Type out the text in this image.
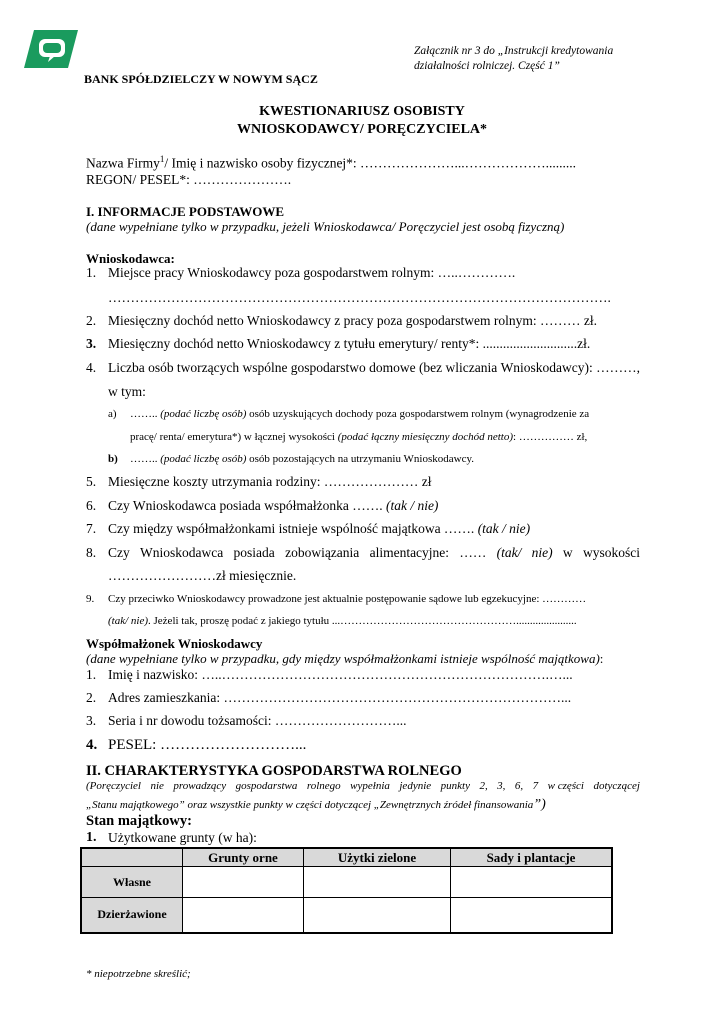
Załącznik nr 3 do „Instrukcji kredytowania
działalności rolniczej. Część 1”
BANK SPÓŁDZIELCZY W NOWYM SĄCZ
KWESTIONARIUSZ OSOBISTY
WNIOSKODAWCY/ PORĘCZYCIELA*
Nazwa Firmy$^1$/ Imię i nazwisko osoby fizycznej*: …………………...……………….........
REGON/ PESEL*: ………………….
I. INFORMACJE PODSTAWOWE
(dane wypełniane tylko w przypadku, jeżeli Wnioskodawca/ Poręczyciel jest osobą fizyczną)
Wnioskodawca:
1. Miejsce pracy Wnioskodawcy poza gospodarstwem rolnym: …..………….
………………………………………………………………………………………………….
2. Miesięczny dochód netto Wnioskodawcy z pracy poza gospodarstwem rolnym: ……… zł.
3. Miesięczny dochód netto Wnioskodawcy z tytułu emerytury/ renty*: ............................zł.
4. Liczba osób tworzących wspólne gospodarstwo domowe (bez wliczania Wnioskodawcy): ………,
w tym:
a) …….. (podać liczbę osób) osób uzyskujących dochody poza gospodarstwem rolnym (wynagrodzenie za
pracę/ renta/ emerytura*) w łącznej wysokości (podać łączny miesięczny dochód netto): …………… zł,
b) …….. (podać liczbę osób) osób pozostających na utrzymaniu Wnioskodawcy.
5. Miesięczne koszty utrzymania rodziny: ………………… zł
6. Czy Wnioskodawca posiada współmałżonka ……. (tak / nie)
7. Czy między współmałżonkami istnieje wspólność majątkowa ……. (tak / nie)
8. Czy Wnioskodawca posiada zobowiązania alimentacyjne: …… (tak/ nie) w wysokości
……………………zł miesięcznie.
9. Czy przeciwko Wnioskodawcy prowadzone jest aktualnie postępowanie sądowe lub egzekucyjne: …………
(tak/ nie). Jeżeli tak, proszę podać z jakiego tytułu ...…………………………………………......................
Współmałżonek Wnioskodawcy
(dane wypełniane tylko w przypadku, gdy między współmałżonkami istnieje wspólność majątkowa):
1. Imię i nazwisko: …..……………………………………………………………….…...
2. Adres zamieszkania: …………………………………………………………………...
3. Seria i nr dowodu tożsamości: ………………………...
4. PESEL: ………………………...
II. CHARAKTERYSTYKA GOSPODARSTWA ROLNEGO
(Poręczyciel nie prowadzący gospodarstwa rolnego wypełnia jedynie punkty 2, 3, 6, 7 w części dotyczącej
„Stanu majątkowego” oraz wszystkie punkty w części dotyczącej „Zewnętrznych źródeł finansowania”)
Stan majątkowy:
1. Użytkowane grunty (w ha):
	Grunty orne	Użytki zielone	Sady i plantacje
Własne			
Dzierżawione			
* niepotrzebne skreślić;
